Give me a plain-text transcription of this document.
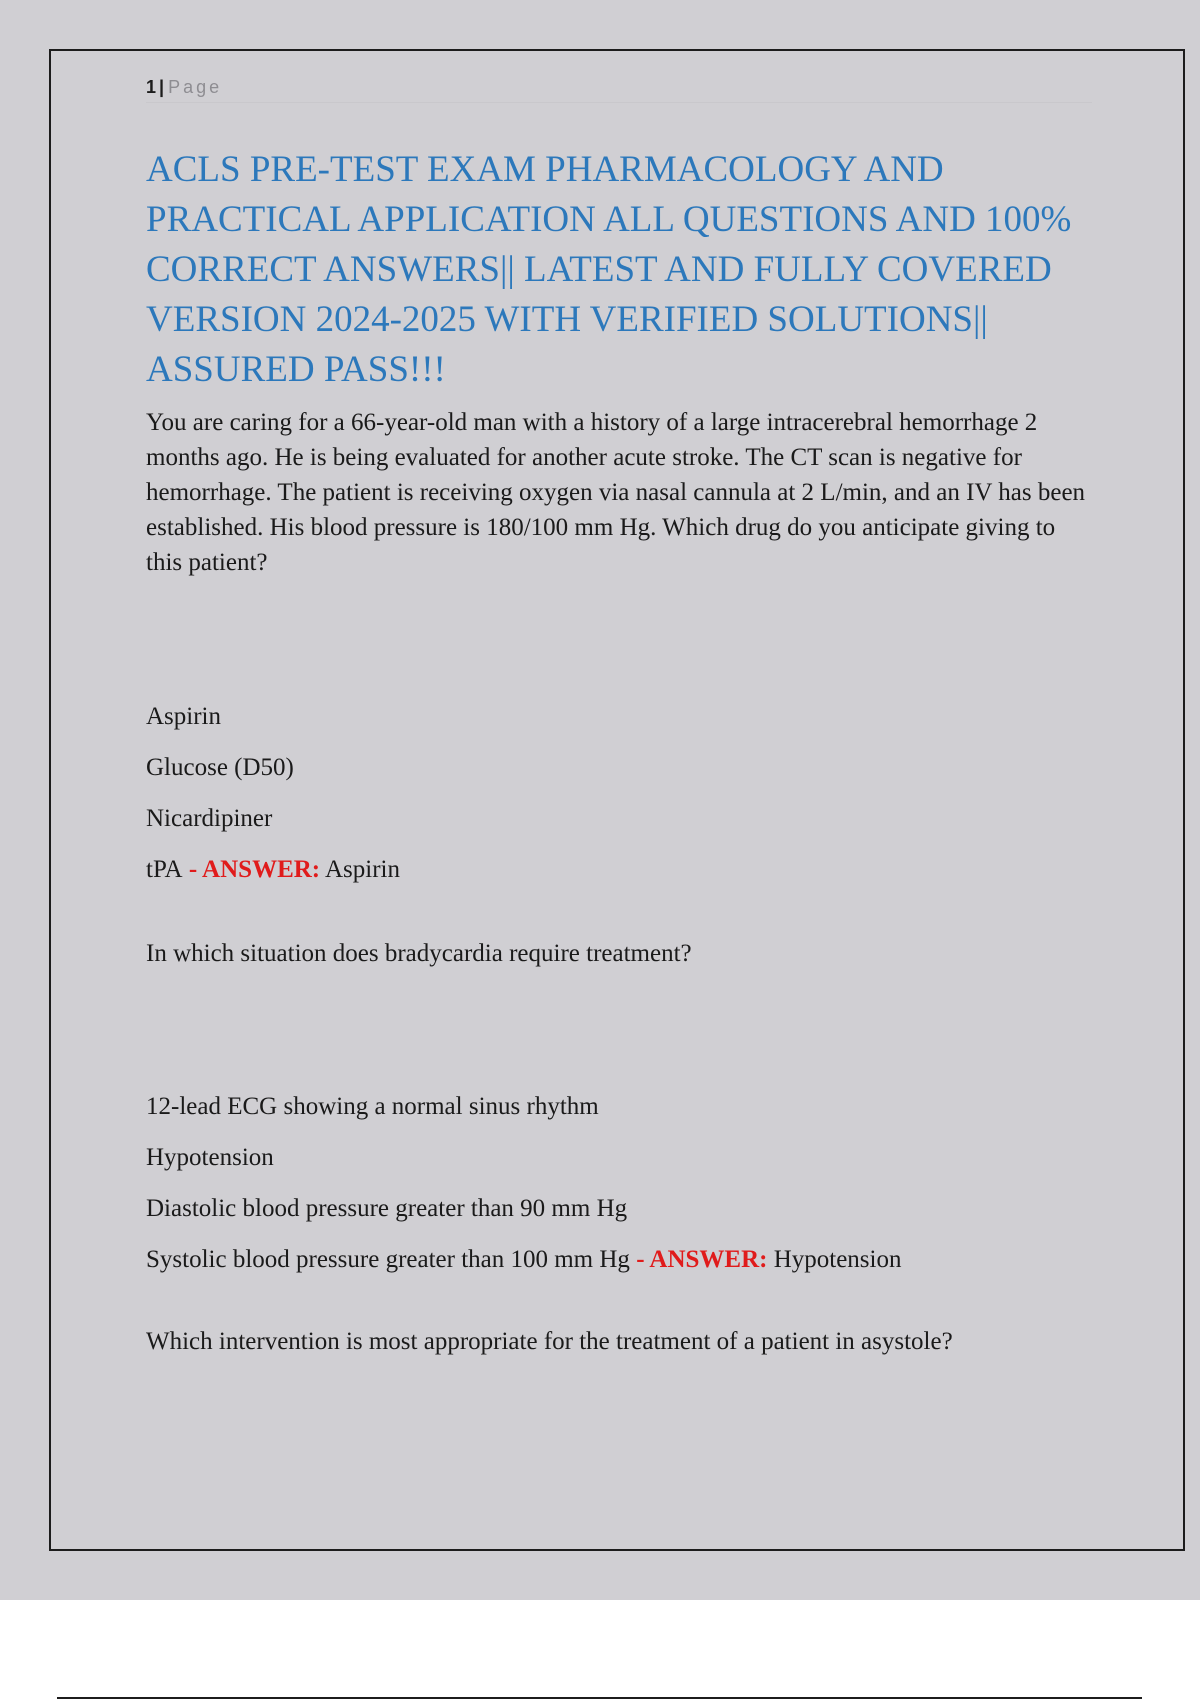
1 | Page
ACLS PRE-TEST EXAM PHARMACOLOGY AND PRACTICAL APPLICATION ALL QUESTIONS AND 100% CORRECT ANSWERS|| LATEST AND FULLY COVERED VERSION 2024-2025 WITH VERIFIED SOLUTIONS|| ASSURED PASS!!!

You are caring for a 66-year-old man with a history of a large intracerebral hemorrhage 2 months ago. He is being evaluated for another acute stroke. The CT scan is negative for hemorrhage. The patient is receiving oxygen via nasal cannula at 2 L/min, and an IV has been established. His blood pressure is 180/100 mm Hg. Which drug do you anticipate giving to this patient?

Aspirin
Glucose (D50)
Nicardipiner
tPA - ANSWER: Aspirin
In which situation does bradycardia require treatment?
12-lead ECG showing a normal sinus rhythm
Hypotension
Diastolic blood pressure greater than 90 mm Hg
Systolic blood pressure greater than 100 mm Hg - ANSWER: Hypotension
Which intervention is most appropriate for the treatment of a patient in asystole?
